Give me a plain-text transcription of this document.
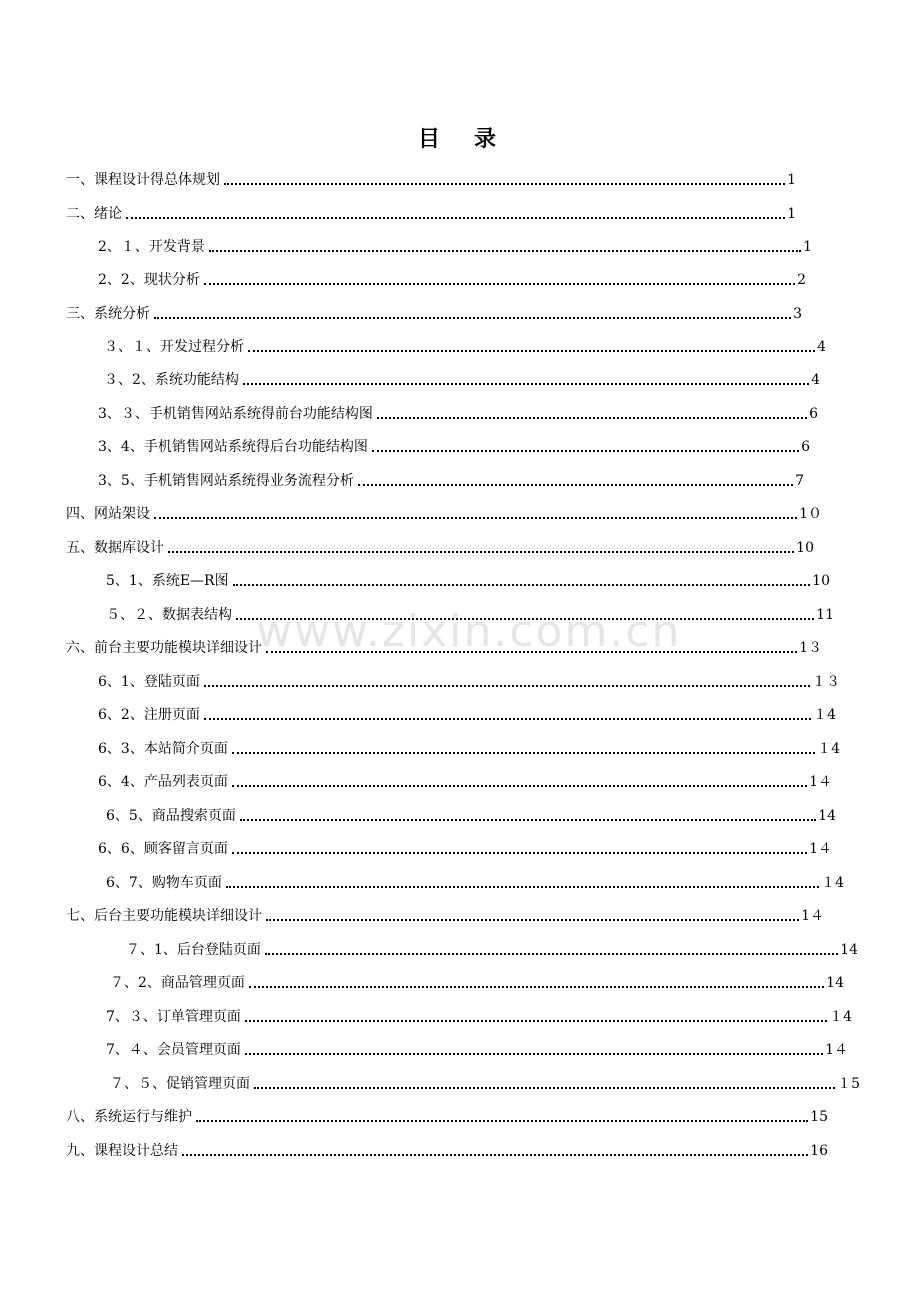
目　录
一、课程设计得总体规划	1
二、绪论	1
2、１、开发背景	1
2、2、现状分析	2
三、系统分析	3
３、１、开发过程分析	4
３、2、系统功能结构	4
3、３、手机销售网站系统得前台功能结构图	6
3、4、手机销售网站系统得后台功能结构图	6
3、5、手机销售网站系统得业务流程分析	7
四、网站架设	1０
五、数据库设计	10
5、1、系统E—R图	10
５、２、数据表结构	11
六、前台主要功能模块详细设计	1３
6、1、登陆页面	１３
6、2、注册页面	１4
6、3、本站简介页面	１4
6、4、产品列表页面	1４
6、5、商品搜索页面	14
6、6、顾客留言页面	1４
6、7、购物车页面	１4
七、后台主要功能模块详细设计	1４
７、1、后台登陆页面	14
７、2、商品管理页面	14
7、３、订单管理页面	１4
7、４、会员管理页面	1４
７、５、促销管理页面	１5
八、系统运行与维护	15
九、课程设计总结	16
www.zixin.com.cn
